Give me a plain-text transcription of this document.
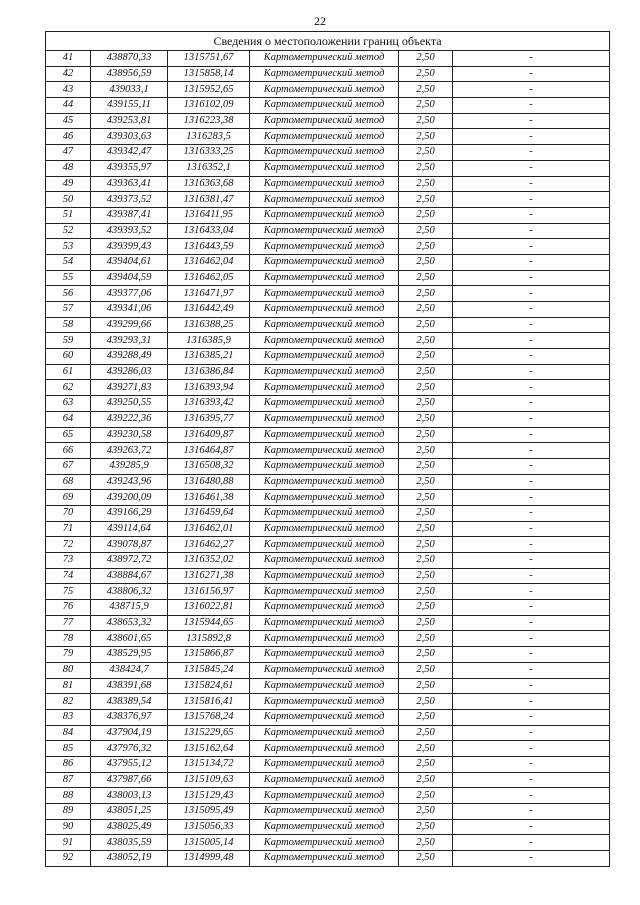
22
Сведения о местоположении границ объекта					
41	438870,33	1315751,67	Картометрический метод	2,50	-
42	438956,59	1315858,14	Картометрический метод	2,50	-
43	439033,1	1315952,65	Картометрический метод	2,50	-
44	439155,11	1316102,09	Картометрический метод	2,50	-
45	439253,81	1316223,38	Картометрический метод	2,50	-
46	439303,63	1316283,5	Картометрический метод	2,50	-
47	439342,47	1316333,25	Картометрический метод	2,50	-
48	439355,97	1316352,1	Картометрический метод	2,50	-
49	439363,41	1316363,68	Картометрический метод	2,50	-
50	439373,52	1316381,47	Картометрический метод	2,50	-
51	439387,41	1316411,95	Картометрический метод	2,50	-
52	439393,52	1316433,04	Картометрический метод	2,50	-
53	439399,43	1316443,59	Картометрический метод	2,50	-
54	439404,61	1316462,04	Картометрический метод	2,50	-
55	439404,59	1316462,05	Картометрический метод	2,50	-
56	439377,06	1316471,97	Картометрический метод	2,50	-
57	439341,06	1316442,49	Картометрический метод	2,50	-
58	439299,66	1316388,25	Картометрический метод	2,50	-
59	439293,31	1316385,9	Картометрический метод	2,50	-
60	439288,49	1316385,21	Картометрический метод	2,50	-
61	439286,03	1316386,84	Картометрический метод	2,50	-
62	439271,83	1316393,94	Картометрический метод	2,50	-
63	439250,55	1316393,42	Картометрический метод	2,50	-
64	439222,36	1316395,77	Картометрический метод	2,50	-
65	439230,58	1316409,87	Картометрический метод	2,50	-
66	439263,72	1316464,87	Картометрический метод	2,50	-
67	439285,9	1316508,32	Картометрический метод	2,50	-
68	439243,96	1316480,88	Картометрический метод	2,50	-
69	439200,09	1316461,38	Картометрический метод	2,50	-
70	439166,29	1316459,64	Картометрический метод	2,50	-
71	439114,64	1316462,01	Картометрический метод	2,50	-
72	439078,87	1316462,27	Картометрический метод	2,50	-
73	438972,72	1316352,02	Картометрический метод	2,50	-
74	438884,67	1316271,38	Картометрический метод	2,50	-
75	438806,32	1316156,97	Картометрический метод	2,50	-
76	438715,9	1316022,81	Картометрический метод	2,50	-
77	438653,32	1315944,65	Картометрический метод	2,50	-
78	438601,65	1315892,8	Картометрический метод	2,50	-
79	438529,95	1315866,87	Картометрический метод	2,50	-
80	438424,7	1315845,24	Картометрический метод	2,50	-
81	438391,68	1315824,61	Картометрический метод	2,50	-
82	438389,54	1315816,41	Картометрический метод	2,50	-
83	438376,97	1315768,24	Картометрический метод	2,50	-
84	437904,19	1315229,65	Картометрический метод	2,50	-
85	437976,32	1315162,64	Картометрический метод	2,50	-
86	437955,12	1315134,72	Картометрический метод	2,50	-
87	437987,66	1315109,63	Картометрический метод	2,50	-
88	438003,13	1315129,43	Картометрический метод	2,50	-
89	438051,25	1315095,49	Картометрический метод	2,50	-
90	438025,49	1315056,33	Картометрический метод	2,50	-
91	438035,59	1315005,14	Картометрический метод	2,50	-
92	438052,19	1314999,48	Картометрический метод	2,50	-
